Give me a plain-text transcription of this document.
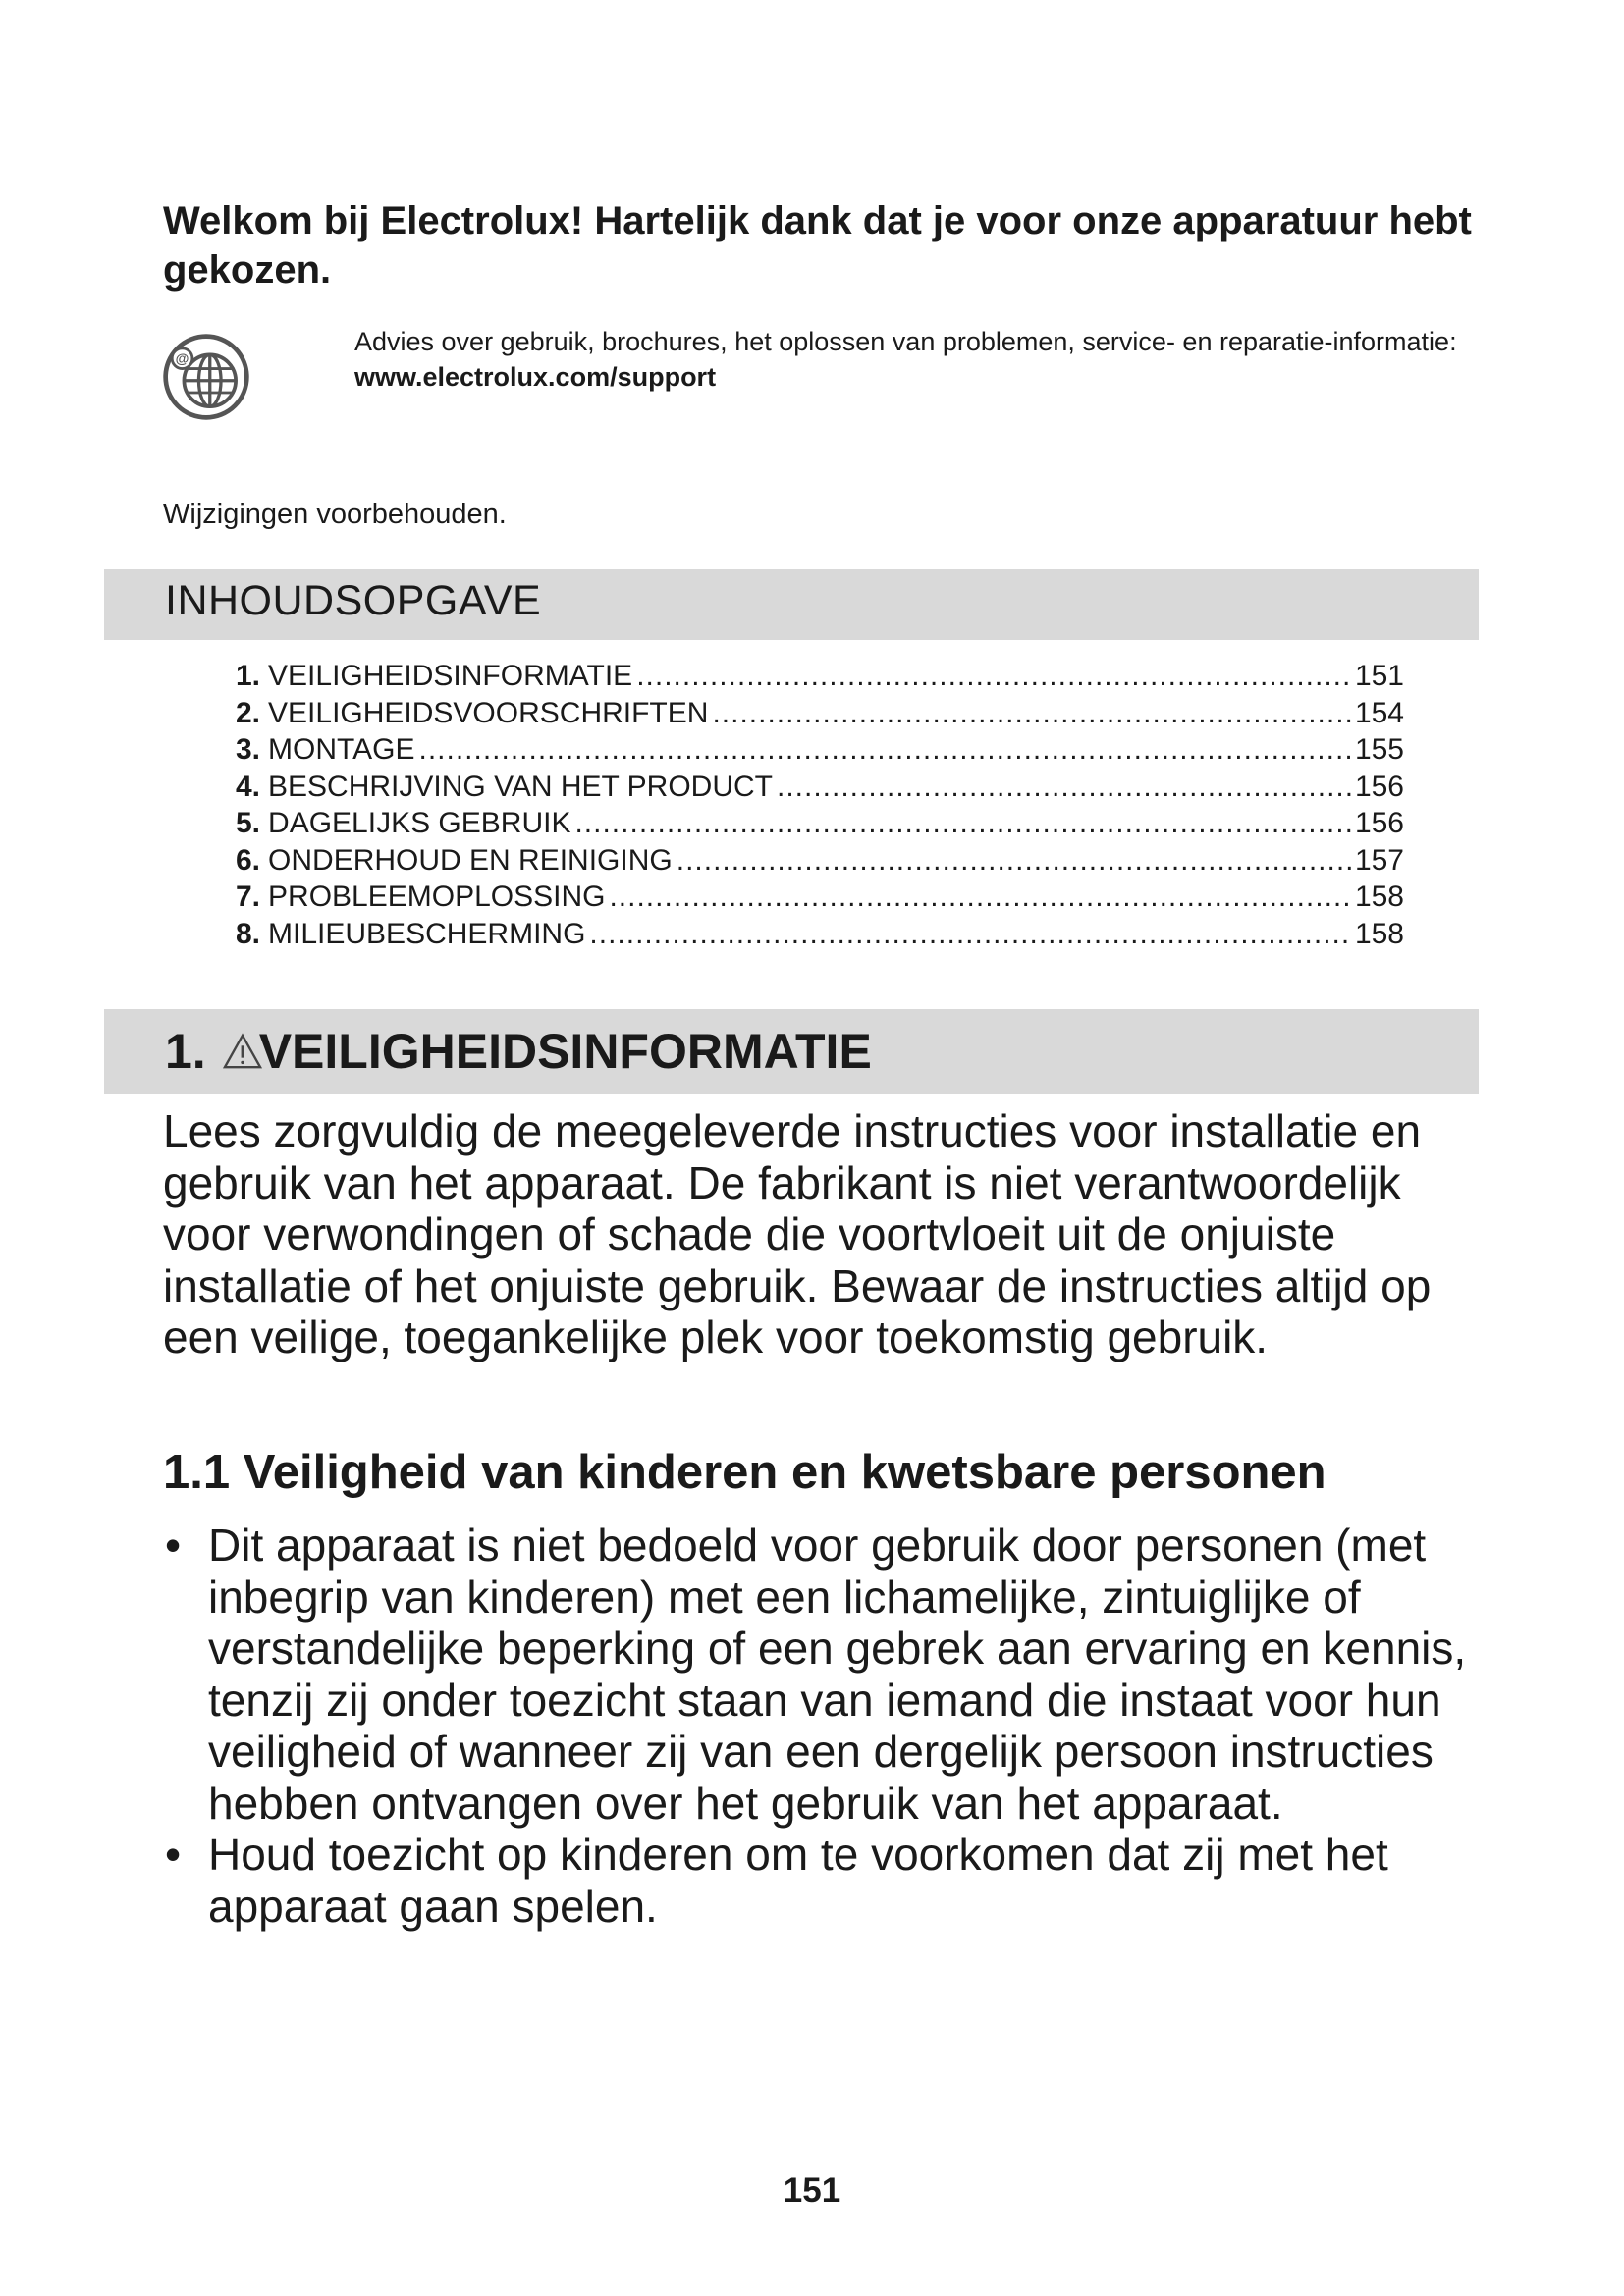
Welkom bij Electrolux! Hartelijk dank dat je voor onze apparatuur hebt gekozen.
@
Advies over gebruik, brochures, het oplossen van problemen, service- en reparatie-informatie:
www.electrolux.com/support
Wijzigingen voorbehouden.
INHOUDSOPGAVE
1. VEILIGHEIDSINFORMATIE .....	151
2. VEILIGHEIDSVOORSCHRIFTEN .....	154
3. MONTAGE .....	155
4. BESCHRIJVING VAN HET PRODUCT .....	156
5. DAGELIJKS GEBRUIK .....	156
6. ONDERHOUD EN REINIGING .....	157
7. PROBLEEMOPLOSSING .....	158
8. MILIEUBESCHERMING .....	158
1. VEILIGHEIDSINFORMATIE

Lees zorgvuldig de meegeleverde instructies voor installatie en gebruik van het apparaat. De fabrikant is niet verantwoordelijk voor verwondingen of schade die voortvloeit uit de onjuiste installatie of het onjuiste gebruik. Bewaar de instructies altijd op een veilige, toegankelijke plek voor toekomstig gebruik.

1.1 Veiligheid van kinderen en kwetsbare personen
• Dit apparaat is niet bedoeld voor gebruik door personen (met inbegrip van kinderen) met een lichamelijke, zintuiglijke of verstandelijke beperking of een gebrek aan ervaring en kennis, tenzij zij onder toezicht staan van iemand die instaat voor hun veiligheid of wanneer zij van een dergelijk persoon instructies hebben ontvangen over het gebruik van het apparaat.
• Houd toezicht op kinderen om te voorkomen dat zij met het apparaat gaan spelen.
151
